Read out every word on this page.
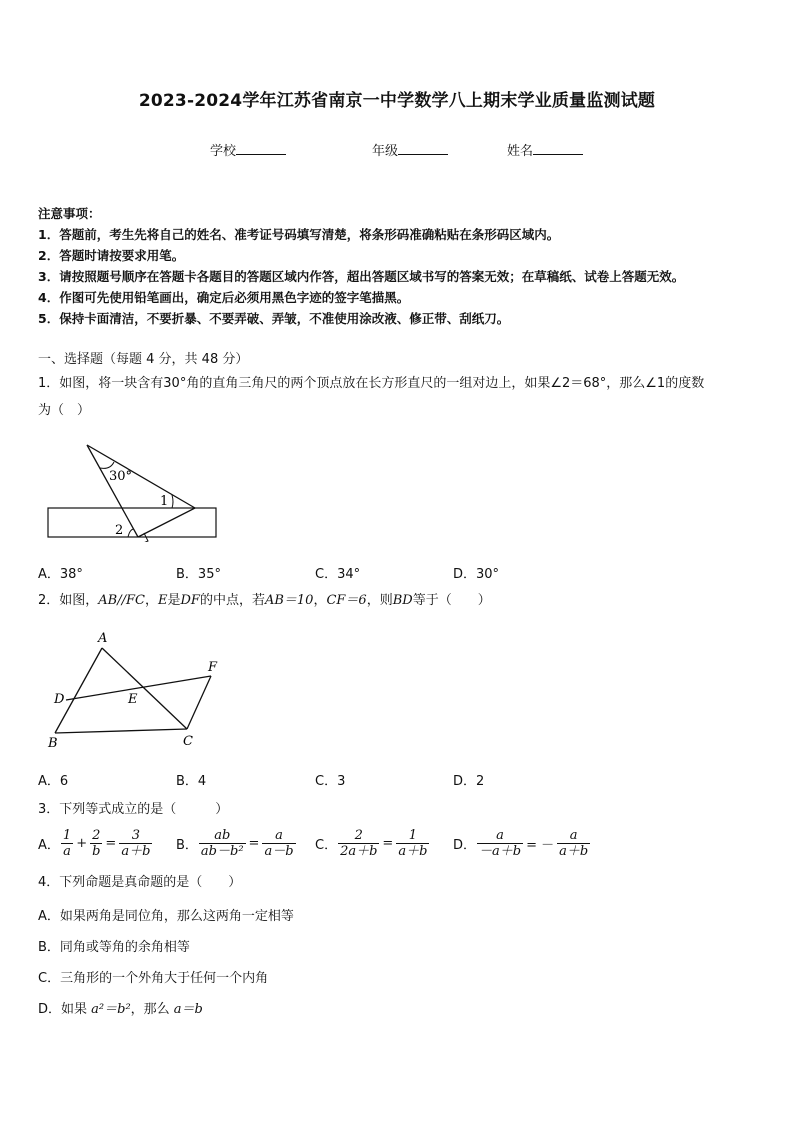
2023-2024学年江苏省南京一中学数学八上期末学业质量监测试题
学校	年级	姓名
注意事项：
1．答题前，考生先将自己的姓名、准考证号码填写清楚，将条形码准确粘贴在条形码区域内。
2．答题时请按要求用笔。
3．请按照题号顺序在答题卡各题目的答题区域内作答，超出答题区域书写的答案无效；在草稿纸、试卷上答题无效。
4．作图可先使用铅笔画出，确定后必须用黑色字迹的签字笔描黑。
5．保持卡面清洁，不要折暴、不要弄破、弄皱，不准使用涂改液、修正带、刮纸刀。
一、选择题（每题 4 分，共 48 分）
1．如图，将一块含有30°角的直角三角尺的两个顶点放在长方形直尺的一组对边上，如果∠2＝68°，那么∠1的度数
为（　）
30°
1
2
A．38°	B．35°	C．34°	D．30°
2．如图，AB//FC，E是DF的中点，若AB＝10，CF＝6，则BD等于（　　）
A
B	C
D	E
F
A．6	B．4	C．3	D．2
3．下列等式成立的是（　　　）
A． $\frac{1}{a} + \frac{2}{b} = \frac{3}{a+b}$ B． $\frac{ab}{\text{ab－b²}} = \frac{a}{a-b}$ C． $\frac{2}{2a+b} = \frac{1}{a+b}$ D． $\frac{a}{-a+b}$ = － $\frac{a}{a+b}$
4．下列命题是真命题的是（　　）
A．如果两角是同位角，那么这两角一定相等
B．同角或等角的余角相等
C．三角形的一个外角大于任何一个内角
D．如果 a²＝b²，那么 a＝b
